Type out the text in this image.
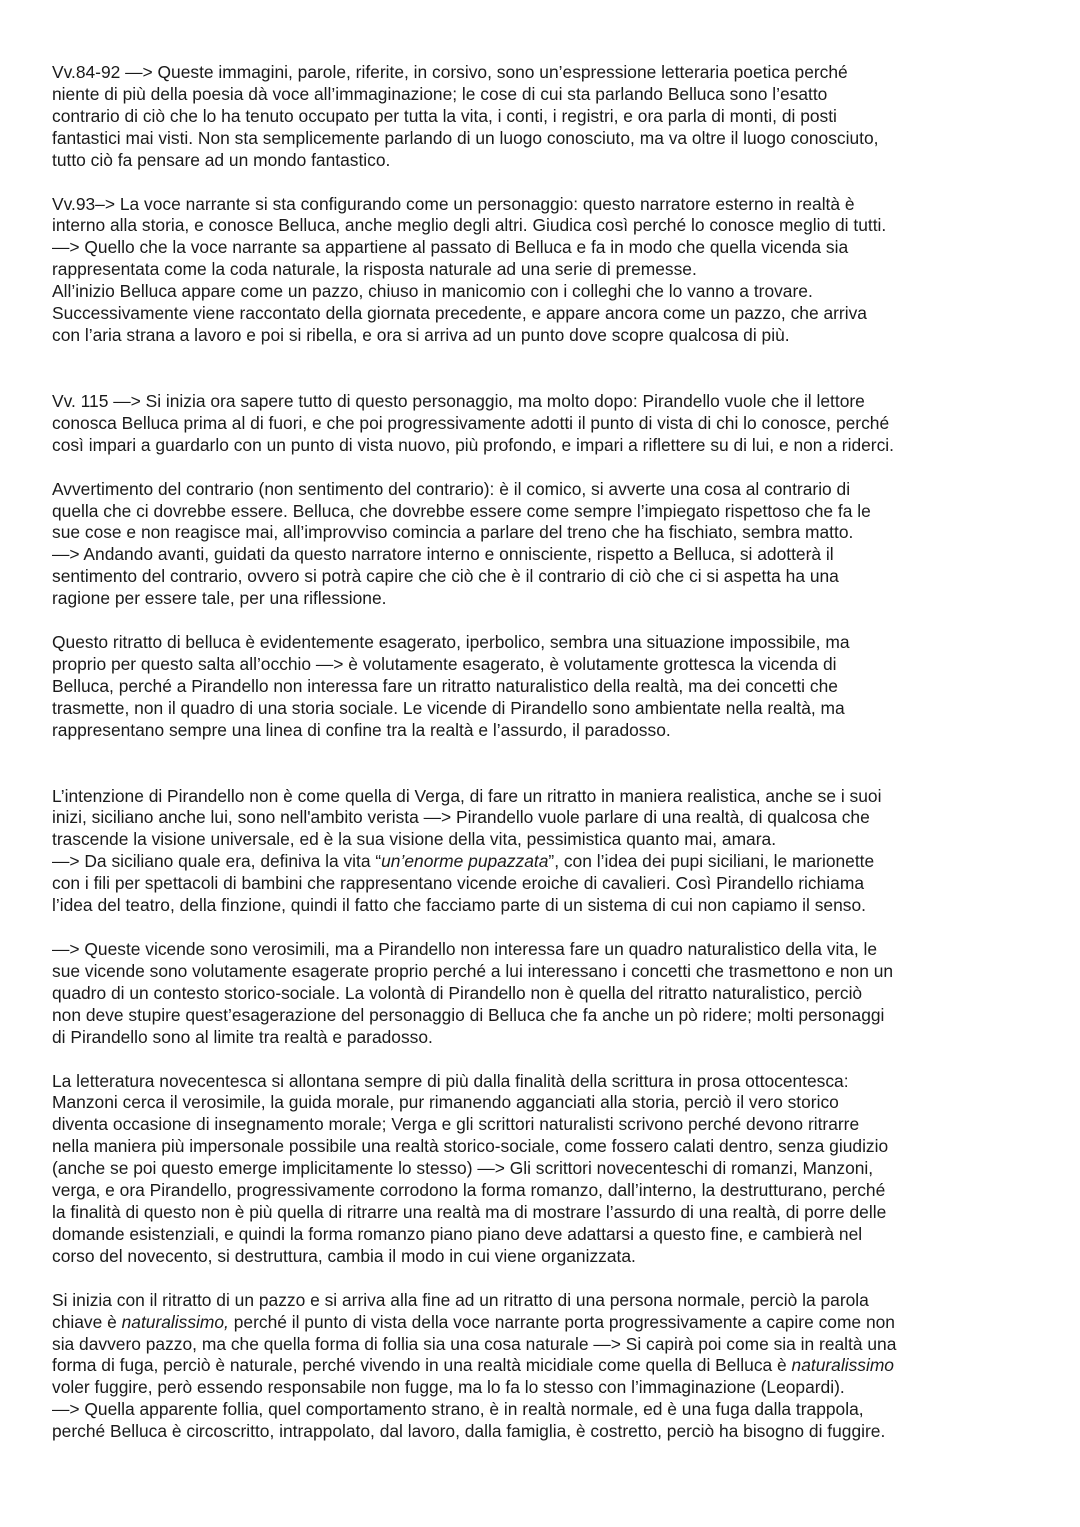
Vv.84-92 —> Queste immagini, parole, riferite, in corsivo, sono un’espressione letteraria poetica perché
niente di più della poesia dà voce all’immaginazione; le cose di cui sta parlando Belluca sono l’esatto
contrario di ciò che lo ha tenuto occupato per tutta la vita, i conti, i registri, e ora parla di monti, di posti
fantastici mai visti. Non sta semplicemente parlando di un luogo conosciuto, ma va oltre il luogo conosciuto,
tutto ciò fa pensare ad un mondo fantastico.

Vv.93–> La voce narrante si sta configurando come un personaggio: questo narratore esterno in realtà è
interno alla storia, e conosce Belluca, anche meglio degli altri. Giudica così perché lo conosce meglio di tutti.
—> Quello che la voce narrante sa appartiene al passato di Belluca e fa in modo che quella vicenda sia
rappresentata come la coda naturale, la risposta naturale ad una serie di premesse.
All’inizio Belluca appare come un pazzo, chiuso in manicomio con i colleghi che lo vanno a trovare.
Successivamente viene raccontato della giornata precedente, e appare ancora come un pazzo, che arriva
con l’aria strana a lavoro e poi si ribella, e ora si arriva ad un punto dove scopre qualcosa di più.

Vv. 115 —> Si inizia ora sapere tutto di questo personaggio, ma molto dopo: Pirandello vuole che il lettore
conosca Belluca prima al di fuori, e che poi progressivamente adotti il punto di vista di chi lo conosce, perché
così impari a guardarlo con un punto di vista nuovo, più profondo, e impari a riflettere su di lui, e non a riderci.

Avvertimento del contrario (non sentimento del contrario): è il comico, si avverte una cosa al contrario di
quella che ci dovrebbe essere. Belluca, che dovrebbe essere come sempre l’impiegato rispettoso che fa le
sue cose e non reagisce mai, all’improvviso comincia a parlare del treno che ha fischiato, sembra matto.
—> Andando avanti, guidati da questo narratore interno e onnisciente, rispetto a Belluca, si adotterà il
sentimento del contrario, ovvero si potrà capire che ciò che è il contrario di ciò che ci si aspetta ha una
ragione per essere tale, per una riflessione.

Questo ritratto di belluca è evidentemente esagerato, iperbolico, sembra una situazione impossibile, ma
proprio per questo salta all’occhio —> è volutamente esagerato, è volutamente grottesca la vicenda di
Belluca, perché a Pirandello non interessa fare un ritratto naturalistico della realtà, ma dei concetti che
trasmette, non il quadro di una storia sociale. Le vicende di Pirandello sono ambientate nella realtà, ma
rappresentano sempre una linea di confine tra la realtà e l’assurdo, il paradosso.

L’intenzione di Pirandello non è come quella di Verga, di fare un ritratto in maniera realistica, anche se i suoi
inizi, siciliano anche lui, sono nell'ambito verista —> Pirandello vuole parlare di una realtà, di qualcosa che
trascende la visione universale, ed è la sua visione della vita, pessimistica quanto mai, amara.
—> Da siciliano quale era, definiva la vita “un’enorme pupazzata”, con l’idea dei pupi siciliani, le marionette
con i fili per spettacoli di bambini che rappresentano vicende eroiche di cavalieri. Così Pirandello richiama
l’idea del teatro, della finzione, quindi il fatto che facciamo parte di un sistema di cui non capiamo il senso.

—> Queste vicende sono verosimili, ma a Pirandello non interessa fare un quadro naturalistico della vita, le
sue vicende sono volutamente esagerate proprio perché a lui interessano i concetti che trasmettono e non un
quadro di un contesto storico-sociale. La volontà di Pirandello non è quella del ritratto naturalistico, perciò
non deve stupire quest’esagerazione del personaggio di Belluca che fa anche un pò ridere; molti personaggi
di Pirandello sono al limite tra realtà e paradosso.

La letteratura novecentesca si allontana sempre di più dalla finalità della scrittura in prosa ottocentesca:
Manzoni cerca il verosimile, la guida morale, pur rimanendo agganciati alla storia, perciò il vero storico
diventa occasione di insegnamento morale; Verga e gli scrittori naturalisti scrivono perché devono ritrarre
nella maniera più impersonale possibile una realtà storico-sociale, come fossero calati dentro, senza giudizio
(anche se poi questo emerge implicitamente lo stesso) —> Gli scrittori novecenteschi di romanzi, Manzoni,
verga, e ora Pirandello, progressivamente corrodono la forma romanzo, dall’interno, la destrutturano, perché
la finalità di questo non è più quella di ritrarre una realtà ma di mostrare l’assurdo di una realtà, di porre delle
domande esistenziali, e quindi la forma romanzo piano piano deve adattarsi a questo fine, e cambierà nel
corso del novecento, si destruttura, cambia il modo in cui viene organizzata.

Si inizia con il ritratto di un pazzo e si arriva alla fine ad un ritratto di una persona normale, perciò la parola
chiave è naturalissimo, perché il punto di vista della voce narrante porta progressivamente a capire come non
sia davvero pazzo, ma che quella forma di follia sia una cosa naturale —> Si capirà poi come sia in realtà una
forma di fuga, perciò è naturale, perché vivendo in una realtà micidiale come quella di Belluca è naturalissimo
voler fuggire, però essendo responsabile non fugge, ma lo fa lo stesso con l’immaginazione (Leopardi).
—> Quella apparente follia, quel comportamento strano, è in realtà normale, ed è una fuga dalla trappola,
perché Belluca è circoscritto, intrappolato, dal lavoro, dalla famiglia, è costretto, perciò ha bisogno di fuggire.
